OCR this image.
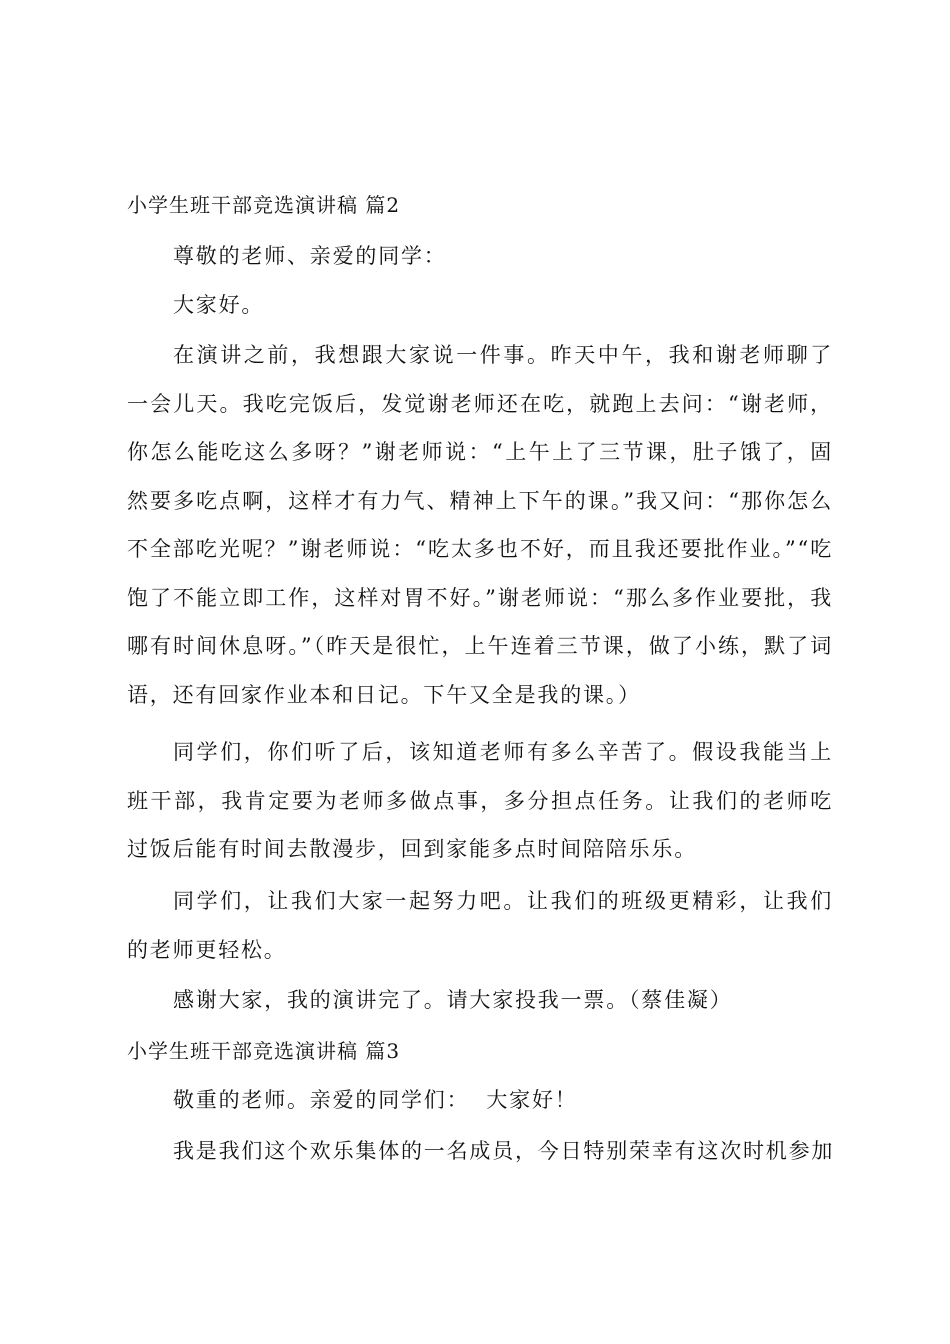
小学生班干部竞选演讲稿 篇2

尊敬的老师、亲爱的同学：

大家好。

在演讲之前，我想跟大家说一件事。昨天中午，我和谢老师聊了一会儿天。我吃完饭后，发觉谢老师还在吃，就跑上去问：“谢老师，你怎么能吃这么多呀？”谢老师说：“上午上了三节课，肚子饿了，固然要多吃点啊，这样才有力气、精神上下午的课。”我又问：“那你怎么不全部吃光呢？”谢老师说：“吃太多也不好，而且我还要批作业。”“吃饱了不能立即工作，这样对胃不好。”谢老师说：“那么多作业要批，我哪有时间休息呀。”（昨天是很忙，上午连着三节课，做了小练，默了词语，还有回家作业本和日记。下午又全是我的课。）

同学们，你们听了后，该知道老师有多么辛苦了。假设我能当上班干部，我肯定要为老师多做点事，多分担点任务。让我们的老师吃过饭后能有时间去散漫步，回到家能多点时间陪陪乐乐。

同学们，让我们大家一起努力吧。让我们的班级更精彩，让我们的老师更轻松。

感谢大家，我的演讲完了。请大家投我一票。（蔡佳凝）

小学生班干部竞选演讲稿 篇3

敬重的老师。亲爱的同学们：  大家好！

我是我们这个欢乐集体的一名成员，今日特别荣幸有这次时机参加
